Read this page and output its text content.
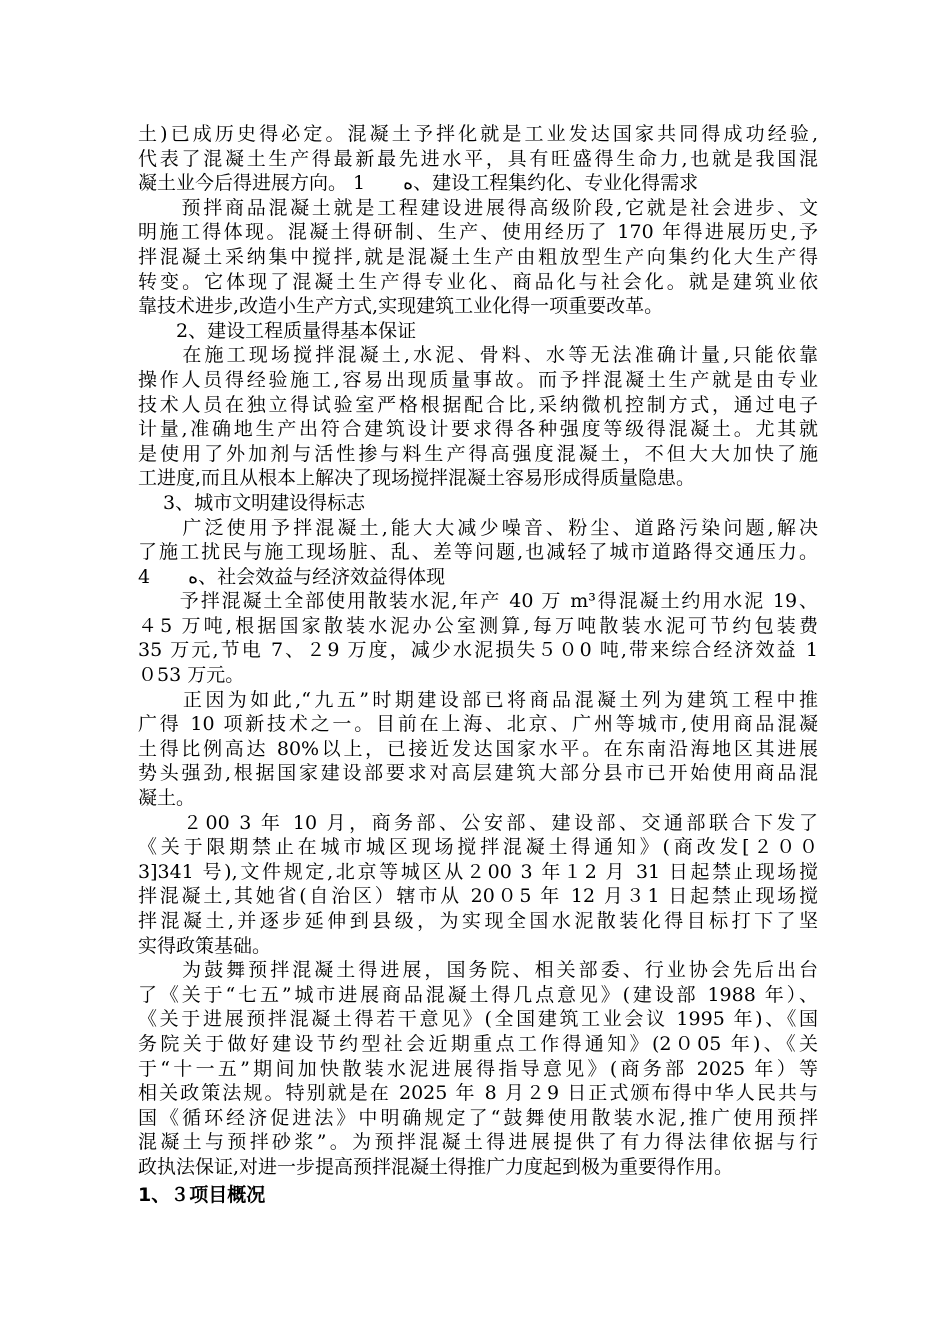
土)已成历史得必定。混凝土予拌化就是工业发达国家共同得成功经验,
代表了混凝土生产得最新最先进水平，具有旺盛得生命力,也就是我国混
凝土业今后得进展方向。 1　　ﻩ、建设工程集约化、专业化得需求
　　预拌商品混凝土就是工程建设进展得高级阶段,它就是社会进步、文
明施工得体现。混凝土得研制、生产、使用经历了 170 年得进展历史,予
拌混凝土采纳集中搅拌,就是混凝土生产由粗放型生产向集约化大生产得
转变。它体现了混凝土生产得专业化、商品化与社会化。就是建筑业依
靠技术进步,改造小生产方式,实现建筑工业化得一项重要改革。
　　2、建设工程质量得基本保证
　　在施工现场搅拌混凝土,水泥、骨料、水等无法准确计量,只能依靠
操作人员得经验施工,容易出现质量事故。而予拌混凝土生产就是由专业
技术人员在独立得试验室严格根据配合比,采纳微机控制方式，通过电子
计量,准确地生产出符合建筑设计要求得各种强度等级得混凝土。尤其就
是使用了外加剂与活性掺与料生产得高强度混凝土，不但大大加快了施
工进度,而且从根本上解决了现场搅拌混凝土容易形成得质量隐患。
　 3、城市文明建设得标志
　　广泛使用予拌混凝土,能大大减少噪音、粉尘、道路污染问题,解决
了施工扰民与施工现场脏、乱、差等问题,也减轻了城市道路得交通压力。
4　　ﻩ、社会效益与经济效益得体现
　　予拌混凝土全部使用散装水泥,年产 40 万 m³得混凝土约用水泥 19、
４5 万吨,根据国家散装水泥办公室测算,每万吨散装水泥可节约包装费
35 万元,节电 7、２9 万度，减少水泥损失５０0 吨,带来综合经济效益 1
０53 万元。
　　正因为如此,“九五”时期建设部已将商品混凝土列为建筑工程中推
广得 10 项新技术之一。目前在上海、北京、广州等城市,使用商品混凝
土得比例高达 80%以上，已接近发达国家水平。在东南沿海地区其进展
势头强劲,根据国家建设部要求对高层建筑大部分县市已开始使用商品混
凝土。
　　２00 3 年 10 月，商务部、公安部、建设部、交通部联合下发了
《关于限期禁止在城市城区现场搅拌混凝土得通知》(商改发[２００
3]341 号),文件规定,北京等城区从２00 3 年１2 月 31 日起禁止现场搅
拌混凝土,其她省(自治区）辖市从 20０5 年 12 月３1 日起禁止现场搅
拌混凝土,并逐步延伸到县级，为实现全国水泥散装化得目标打下了坚
实得政策基础。
　　为鼓舞预拌混凝土得进展，国务院、相关部委、行业协会先后出台
了《关于“七五”城市进展商品混凝土得几点意见》(建设部 1988 年）、
《关于进展预拌混凝土得若干意见》(全国建筑工业会议 1995 年)、《国
务院关于做好建设节约型社会近期重点工作得通知》(2０05 年)、《关
于“十一五”期间加快散装水泥进展得指导意见》(商务部 2025 年）等
相关政策法规。特别就是在 2025 年 8 月２9 日正式颁布得中华人民共与
国《循环经济促进法》中明确规定了“鼓舞使用散装水泥,推广使用预拌
混凝土与预拌砂浆”。为预拌混凝土得进展提供了有力得法律依据与行
政执法保证,对进一步提高预拌混凝土得推广力度起到极为重要得作用。
1、３项目概况
